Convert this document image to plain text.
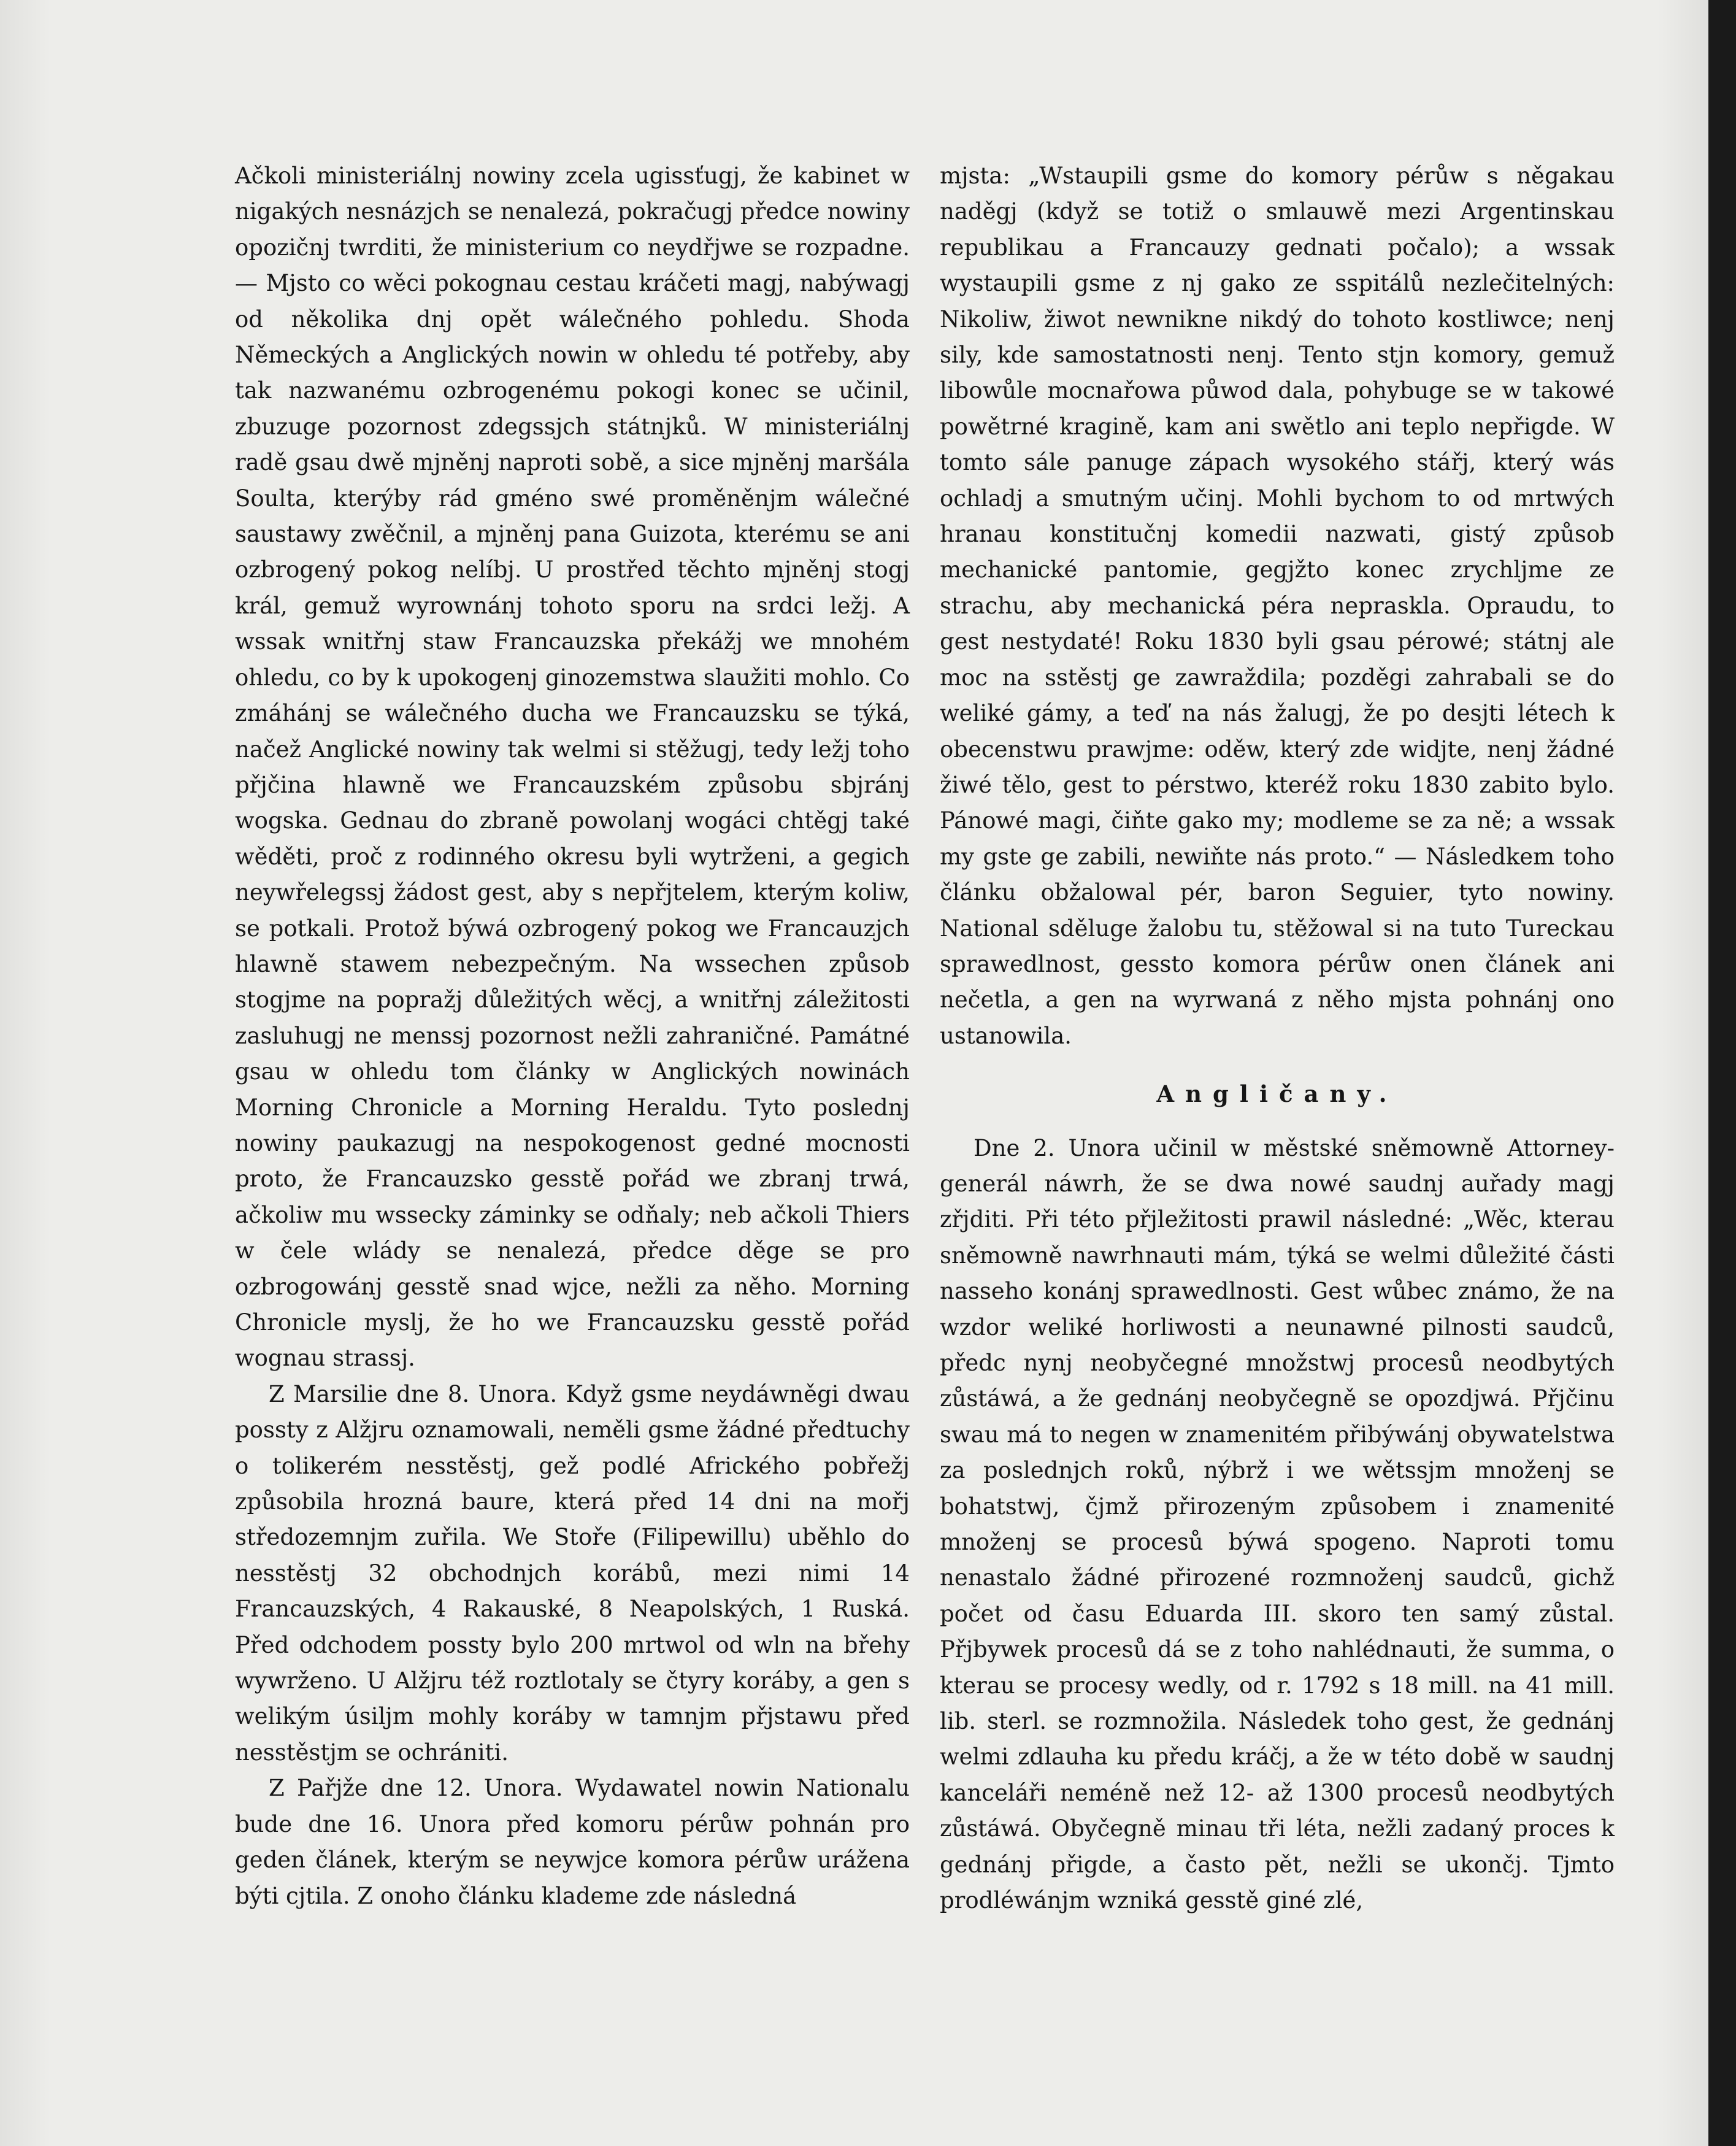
Ačkoli ministeriálnj nowiny zcela ugissťugj, že kabinet w nigakých nesnázjch se nenalezá, pokračugj předce nowiny opozičnj twrditi, že ministerium co neydřjwe se rozpadne. — Mjsto co wěci pokognau cestau kráčeti magj, nabýwagj od několika dnj opět wálečného pohledu. Shoda Německých a Anglických nowin w ohledu té potřeby, aby tak nazwanému ozbrogenému pokogi konec se učinil, zbuzuge pozornost zdegssjch státnjků. W ministeriálnj radě gsau dwě mjněnj naproti sobě, a sice mjněnj maršála Soulta, kterýby rád gméno swé proměněnjm wálečné saustawy zwěčnil, a mjněnj pana Guizota, kterému se ani ozbrogený pokog nelíbj. U prostřed těchto mjněnj stogj král, gemuž wyrownánj tohoto sporu na srdci ležj. A wssak wnitřnj staw Francauzska překážj we mnohém ohledu, co by k upokogenj ginozemstwa slaužiti mohlo. Co zmáhánj se wálečného ducha we Francauzsku se týká, načež Anglické nowiny tak welmi si stěžugj, tedy ležj toho přjčina hlawně we Francauzském způsobu sbjránj wogska. Gednau do zbraně powolanj wogáci chtěgj také wěděti, proč z rodinného okresu byli wytrženi, a gegich neywřelegssj žádost gest, aby s nepřjtelem, kterým koliw, se potkali. Protož býwá ozbrogený pokog we Francauzjch hlawně stawem nebezpečným. Na wssechen způsob stogjme na popražj důležitých wěcj, a wnitřnj záležitosti zasluhugj ne menssj pozornost nežli zahraničné. Památné gsau w ohledu tom články w Anglických nowinách Morning Chronicle a Morning Heraldu. Tyto poslednj nowiny paukazugj na nespokogenost gedné mocnosti proto, že Francauzsko gesstě pořád we zbranj trwá, ačkoliw mu wssecky záminky se odňaly; neb ačkoli Thiers w čele wlády se nenalezá, předce děge se pro ozbrogowánj gesstě snad wjce, nežli za něho. Morning Chronicle myslj, že ho we Francauzsku gesstě pořád wognau strassj.

Z Marsilie dne 8. Unora. Když gsme neydáwněgi dwau possty z Alžjru oznamowali, neměli gsme žádné předtuchy o tolikerém nesstěstj, gež podlé Afrického pobřežj způsobila hrozná baure, která před 14 dni na mořj středozemnjm zuřila. We Stoře (Filipewillu) uběhlo do nesstěstj 32 obchodnjch korábů, mezi nimi 14 Francauzských, 4 Rakauské, 8 Neapolských, 1 Ruská. Před odchodem possty bylo 200 mrtwol od wln na břehy wywrženo. U Alžjru též roztlotaly se čtyry koráby, a gen s welikým úsiljm mohly koráby w tamnjm přjstawu před nesstěstjm se ochrániti.

Z Pařjže dne 12. Unora. Wydawatel nowin Nationalu bude dne 16. Unora před komoru pérůw pohnán pro geden článek, kterým se neywjce komora pérůw urážena býti cjtila. Z onoho článku klademe zde následná

mjsta: „Wstaupili gsme do komory pérůw s něgakau naděgj (když se totiž o smlauwě mezi Argentinskau republikau a Francauzy gednati počalo); a wssak wystaupili gsme z nj gako ze sspitálů nezlečitelných: Nikoliw, žiwot newnikne nikdý do tohoto kostliwce; nenj sily, kde samostatnosti nenj. Tento stjn komory, gemuž libowůle mocnařowa půwod dala, pohybuge se w takowé powětrné kragině, kam ani swětlo ani teplo nepřigde. W tomto sále panuge zápach wysokého stářj, který wás ochladj a smutným učinj. Mohli bychom to od mrtwých hranau konstitučnj komedii nazwati, gistý způsob mechanické pantomie, gegjžto konec zrychljme ze strachu, aby mechanická péra nepraskla. Opraudu, to gest nestydaté! Roku 1830 byli gsau pérowé; státnj ale moc na sstěstj ge zawraždila; pozděgi zahrabali se do weliké gámy, a teď na nás žalugj, že po desjti létech k obecenstwu prawjme: oděw, který zde widjte, nenj žádné žiwé tělo, gest to pérstwo, kteréž roku 1830 zabito bylo. Pánowé magi, čiňte gako my; modleme se za ně; a wssak my gste ge zabili, newiňte nás proto.“ — Následkem toho článku obžalowal pér, baron Seguier, tyto nowiny. National sděluge žalobu tu, stěžowal si na tuto Tureckau sprawedlnost, gessto komora pérůw onen článek ani nečetla, a gen na wyrwaná z něho mjsta pohnánj ono ustanowila.

Angličany.

Dne 2. Unora učinil w městské sněmowně Attorney-generál náwrh, že se dwa nowé saudnj auřady magj zřjditi. Při této přjležitosti prawil následné: „Wěc, kterau sněmowně nawrhnauti mám, týká se welmi důležité části nasseho konánj sprawedlnosti. Gest wůbec známo, že na wzdor weliké horliwosti a neunawné pilnosti saudců, předc nynj neobyčegné množstwj procesů neodbytých zůstáwá, a že gednánj neobyčegně se opozdjwá. Přjčinu swau má to negen w znamenitém přibýwánj obywatelstwa za poslednjch roků, nýbrž i we wětssjm množenj se bohatstwj, čjmž přirozeným způsobem i znamenité množenj se procesů býwá spogeno. Naproti tomu nenastalo žádné přirozené rozmnoženj saudců, gichž počet od času Eduarda III. skoro ten samý zůstal. Přjbywek procesů dá se z toho nahlédnauti, že summa, o kterau se procesy wedly, od r. 1792 s 18 mill. na 41 mill. lib. sterl. se rozmnožila. Následek toho gest, že gednánj welmi zdlauha ku předu kráčj, a že w této době w saudnj kanceláři neméně než 12- až 1300 procesů neodbytých zůstáwá. Obyčegně minau tři léta, nežli zadaný proces k gednánj přigde, a často pět, nežli se ukončj. Tjmto prodléwánjm wzniká gesstě giné zlé,
